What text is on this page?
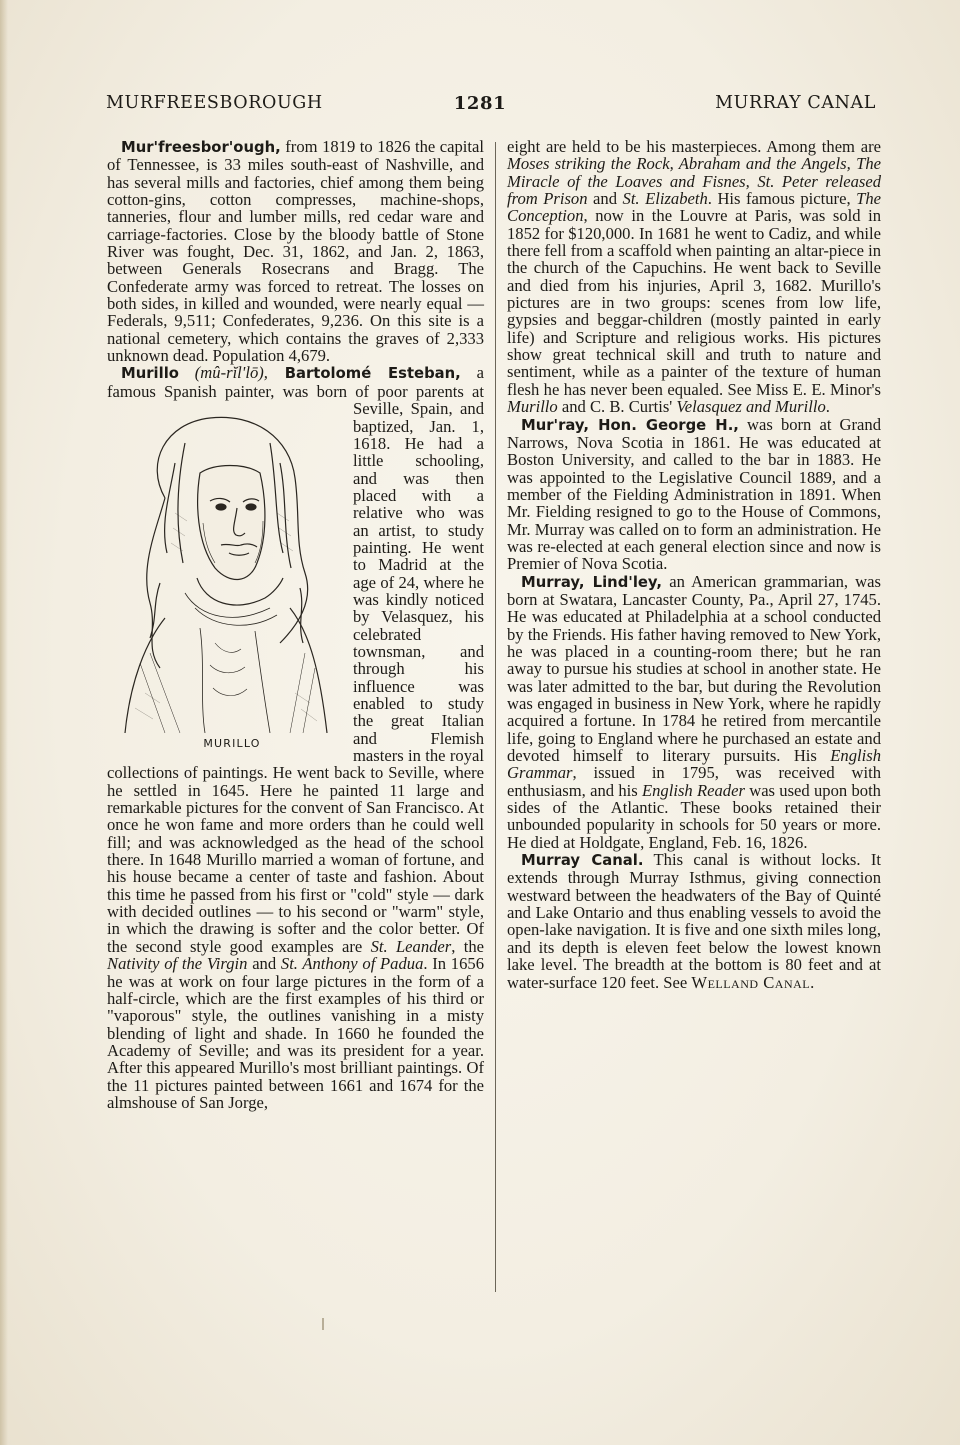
MURFREESBOROUGH	1281	MURRAY CANAL

Mur'freesbor'ough, from 1819 to 1826 the capital of Tennessee, is 33 miles south-east of Nashville, and has several mills and factories, chief among them being cotton-gins, cotton compresses, machine-shops, tanneries, flour and lumber mills, red cedar ware and carriage-factories. Close by the bloody battle of Stone River was fought, Dec. 31, 1862, and Jan. 2, 1863, between Generals Rosecrans and Bragg. The Confederate army was forced to retreat. The losses on both sides, in killed and wounded, were nearly equal — Federals, 9,511; Confederates, 9,236. On this site is a national cemetery, which contains the graves of 2,333 unknown dead. Population 4,679.

Murillo (mû-rĭl'lō), Bartolomé Esteban, a famous Spanish painter, was born of poor
MURILLO
parents at Seville, Spain, and baptized, Jan. 1, 1618. He had a little schooling, and was then placed with a relative who was an artist, to study painting. He went to Madrid at the age of 24, where he was kindly noticed by Velasquez, his celebrated townsman, and through his influence was enabled to study the great Italian and Flemish masters in the royal collections of paintings. He went back to Seville, where he settled in 1645. Here he painted 11 large and remarkable pictures for the convent of San Francisco. At once he won fame and more orders than he could well fill; and was acknowledged as the head of the school there. In 1648 Murillo married a woman of fortune, and his house became a center of taste and fashion. About this time he passed from his first or "cold" style — dark with decided outlines — to his second or "warm" style, in which the drawing is softer and the color better. Of the second style good examples are St. Leander, the Nativity of the Virgin and St. Anthony of Padua. In 1656 he was at work on four large pictures in the form of a half-circle, which are the first examples of his third or "vaporous" style, the outlines vanishing in a misty blending of light and shade. In 1660 he founded the Academy of Seville; and was its president for a year. After this appeared Murillo's most brilliant paintings. Of the 11 pictures painted between 1661 and 1674 for the almshouse of San Jorge,

eight are held to be his masterpieces. Among them are Moses striking the Rock, Abraham and the Angels, The Miracle of the Loaves and Fisnes, St. Peter released from Prison and St. Elizabeth. His famous picture, The Conception, now in the Louvre at Paris, was sold in 1852 for $120,000. In 1681 he went to Cadiz, and while there fell from a scaffold when painting an altar-piece in the church of the Capuchins. He went back to Seville and died from his injuries, April 3, 1682. Murillo's pictures are in two groups: scenes from low life, gypsies and beggar-children (mostly painted in early life) and Scripture and religious works. His pictures show great technical skill and truth to nature and sentiment, while as a painter of the texture of human flesh he has never been equaled. See Miss E. E. Minor's Murillo and C. B. Curtis' Velasquez and Murillo.

Mur'ray, Hon. George H., was born at Grand Narrows, Nova Scotia in 1861. He was educated at Boston University, and called to the bar in 1883. He was appointed to the Legislative Council 1889, and a member of the Fielding Administration in 1891. When Mr. Fielding resigned to go to the House of Commons, Mr. Murray was called on to form an administration. He was re-elected at each general election since and now is Premier of Nova Scotia.

Murray, Lind'ley, an American grammarian, was born at Swatara, Lancaster County, Pa., April 27, 1745. He was educated at Philadelphia at a school conducted by the Friends. His father having removed to New York, he was placed in a counting-room there; but he ran away to pursue his studies at school in another state. He was later admitted to the bar, but during the Revolution was engaged in business in New York, where he rapidly acquired a fortune. In 1784 he retired from mercantile life, going to England where he purchased an estate and devoted himself to literary pursuits. His English Grammar, issued in 1795, was received with enthusiasm, and his English Reader was used upon both sides of the Atlantic. These books retained their unbounded popularity in schools for 50 years or more. He died at Holdgate, England, Feb. 16, 1826.

Murray Canal. This canal is without locks. It extends through Murray Isthmus, giving connection westward between the headwaters of the Bay of Quinté and Lake Ontario and thus enabling vessels to avoid the open-lake navigation. It is five and one sixth miles long, and its depth is eleven feet below the lowest known lake level. The breadth at the bottom is 80 feet and at water-surface 120 feet. See Welland Canal.
